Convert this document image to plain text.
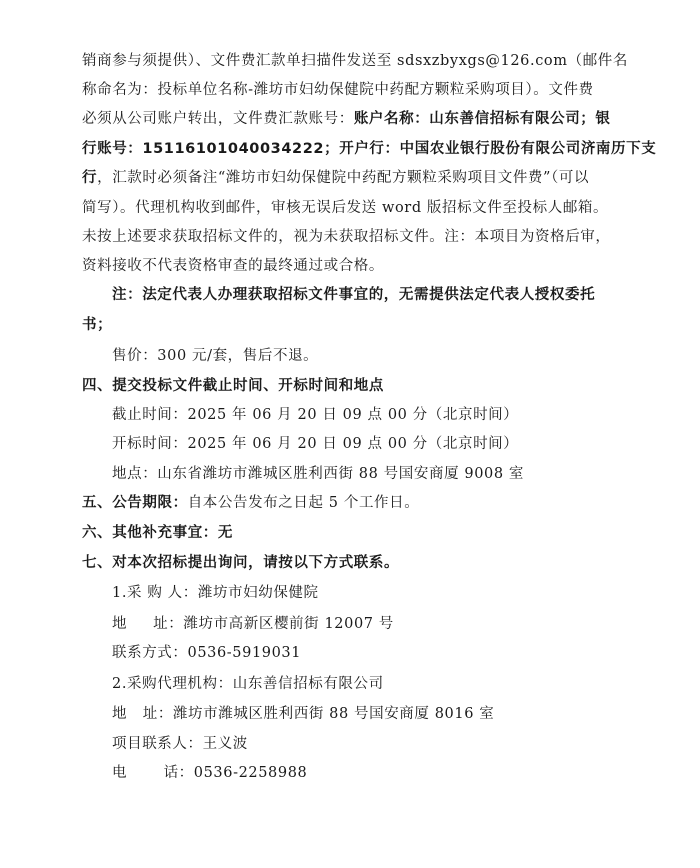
销商参与须提供）、文件费汇款单扫描件发送至 sdsxzbyxgs@126.com（邮件名
称命名为：投标单位名称-潍坊市妇幼保健院中药配方颗粒采购项目）。文件费
必须从公司账户转出，文件费汇款账号：账户名称：山东善信招标有限公司；银
行账号：15116101040034222；开户行：中国农业银行股份有限公司济南历下支
行，汇款时必须备注“潍坊市妇幼保健院中药配方颗粒采购项目文件费”（可以
简写）。代理机构收到邮件，审核无误后发送 word 版招标文件至投标人邮箱。
未按上述要求获取招标文件的，视为未获取招标文件。注：本项目为资格后审，
资料接收不代表资格审查的最终通过或合格。
注：法定代表人办理获取招标文件事宜的，无需提供法定代表人授权委托
书；
售价：300 元/套，售后不退。
四、提交投标文件截止时间、开标时间和地点
截止时间：2025 年 06 月 20 日 09 点 00 分（北京时间）
开标时间：2025 年 06 月 20 日 09 点 00 分（北京时间）
地点：山东省潍坊市潍城区胜利西街 88 号国安商厦 9008 室
五、公告期限：自本公告发布之日起 5 个工作日。
六、其他补充事宜：无
七、对本次招标提出询问，请按以下方式联系。
1.采 购 人：潍坊市妇幼保健院
地     址：潍坊市高新区樱前街 12007 号
联系方式：0536-5919031
2.采购代理机构：山东善信招标有限公司
地   址：潍坊市潍城区胜利西街 88 号国安商厦 8016 室
项目联系人：王义波
电       话：0536-2258988
